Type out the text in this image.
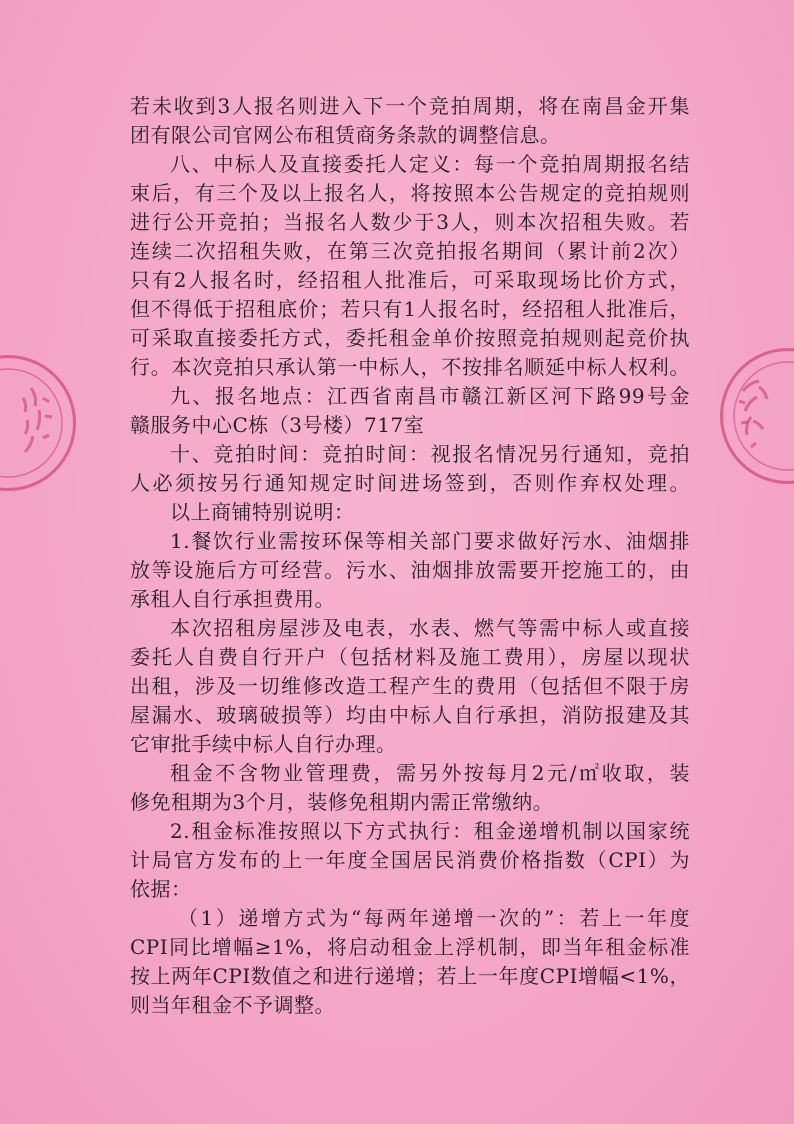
若未收到3人报名则进入下一个竞拍周期，将在南昌金开集
团有限公司官网公布租赁商务条款的调整信息。
八、中标人及直接委托人定义：每一个竞拍周期报名结
束后，有三个及以上报名人，将按照本公告规定的竞拍规则
进行公开竞拍；当报名人数少于3人，则本次招租失败。若
连续二次招租失败，在第三次竞拍报名期间（累计前2次）
只有2人报名时，经招租人批准后，可采取现场比价方式，
但不得低于招租底价；若只有1人报名时，经招租人批准后，
可采取直接委托方式，委托租金单价按照竞拍规则起竞价执
行。本次竞拍只承认第一中标人，不按排名顺延中标人权利。
九、报名地点：江西省南昌市赣江新区河下路99号金
赣服务中心C栋（3号楼）717室
十、竞拍时间：竞拍时间：视报名情况另行通知，竞拍
人必须按另行通知规定时间进场签到，否则作弃权处理。
以上商铺特别说明：
1.餐饮行业需按环保等相关部门要求做好污水、油烟排
放等设施后方可经营。污水、油烟排放需要开挖施工的，由
承租人自行承担费用。
本次招租房屋涉及电表，水表、燃气等需中标人或直接
委托人自费自行开户（包括材料及施工费用），房屋以现状
出租，涉及一切维修改造工程产生的费用（包括但不限于房
屋漏水、玻璃破损等）均由中标人自行承担，消防报建及其
它审批手续中标人自行办理。
租金不含物业管理费，需另外按每月2元/㎡收取，装
修免租期为3个月，装修免租期内需正常缴纳。
2.租金标准按照以下方式执行：租金递增机制以国家统
计局官方发布的上一年度全国居民消费价格指数（CPI）为
依据：
（1）递增方式为“每两年递增一次的”：若上一年度
CPI同比增幅≥1%，将启动租金上浮机制，即当年租金标准
按上两年CPI数值之和进行递增；若上一年度CPI增幅<1%，
则当年租金不予调整。
